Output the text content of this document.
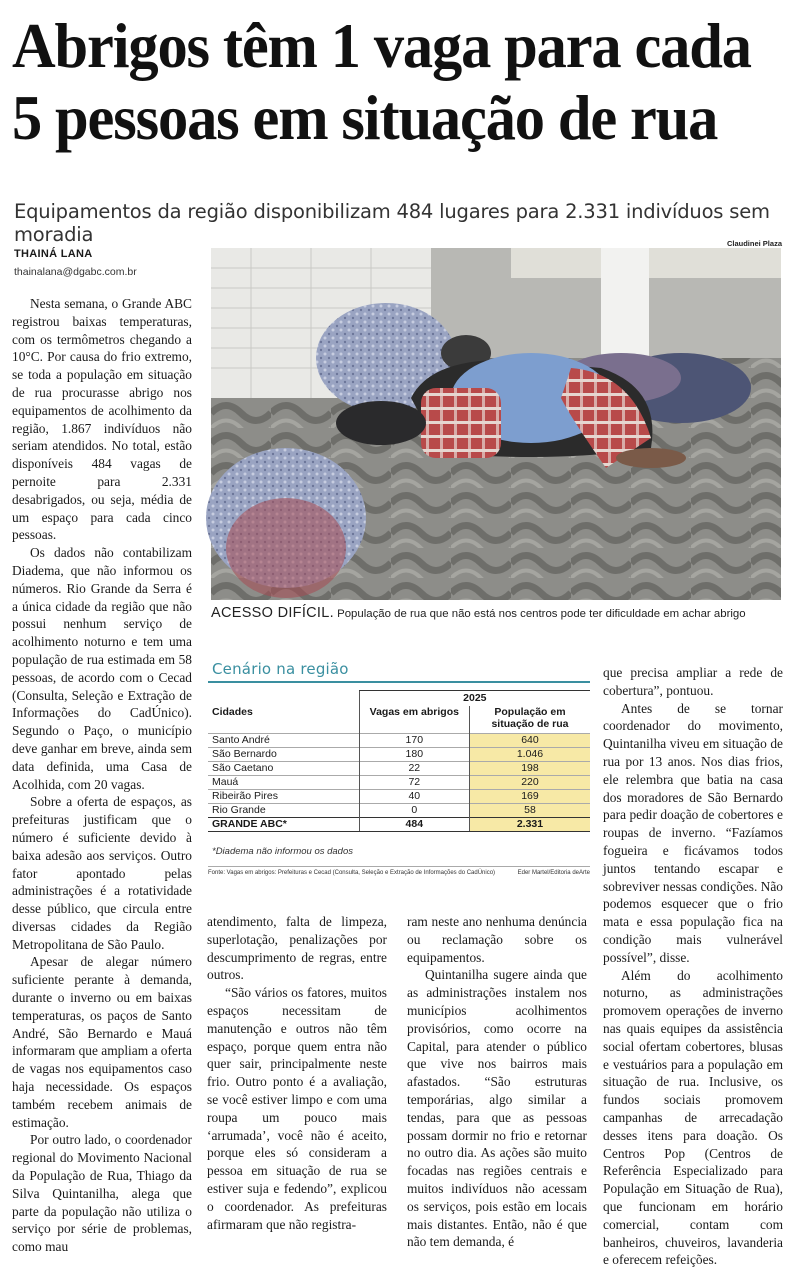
Abrigos têm 1 vaga para cada
5 pessoas em situação de rua
Equipamentos da região disponibilizam 484 lugares para 2.331 indivíduos sem moradia
THAINÁ LANA
thainalana@dgabc.com.br
Claudinei Plaza
ACESSO DIFÍCIL. População de rua que não está nos centros pode ter dificuldade em achar abrigo

Nesta semana, o Grande ABC registrou baixas temperaturas, com os termômetros chegando a 10°C. Por causa do frio extremo, se toda a população em situação de rua procurasse abrigo nos equipamentos de acolhimento da região, 1.867 indivíduos não seriam atendidos. No total, estão disponíveis 484 vagas de pernoite para 2.331 desabrigados, ou seja, média de um espaço para cada cinco pessoas.

Os dados não contabilizam Diadema, que não informou os números. Rio Grande da Serra é a única cidade da região que não possui nenhum serviço de acolhimento noturno e tem uma população de rua estimada em 58 pessoas, de acordo com o Cecad (Consulta, Seleção e Extração de Informações do CadÚnico). Segundo o Paço, o município deve ganhar em breve, ainda sem data definida, uma Casa de Acolhida, com 20 vagas.

Sobre a oferta de espaços, as prefeituras justificam que o número é suficiente devido à baixa adesão aos serviços. Outro fator apontado pelas administrações é a rotatividade desse público, que circula entre diversas cidades da Região Metropolitana de São Paulo.

Apesar de alegar número suficiente perante à demanda, durante o inverno ou em baixas temperaturas, os paços de Santo André, São Bernardo e Mauá informaram que ampliam a oferta de vagas nos equipamentos caso haja necessidade. Os espaços também recebem animais de estimação.

Por outro lado, o coordenador regional do Movimento Nacional da População de Rua, Thiago da Silva Quintanilha, alega que parte da população não utiliza o serviço por série de problemas, como mau

Cenário na região
	2025	
Cidades	Vagas em abrigos	População em situação de rua
Santo André	170	640
São Bernardo	180	1.046
São Caetano	22	198
Mauá	72	220
Ribeirão Pires	40	169
Rio Grande	0	58
GRANDE ABC*	484	2.331
*Diadema não informou os dados
Fonte: Vagas em abrigos: Prefeituras e Cecad (Consulta, Seleção e Extração de Informações do CadÚnico)	Eder Martel/Editoria deArte

atendimento, falta de limpeza, superlotação, penalizações por descumprimento de regras, entre outros.

“São vários os fatores, muitos espaços necessitam de manutenção e outros não têm espaço, porque quem entra não quer sair, principalmente neste frio. Outro ponto é a avaliação, se você estiver limpo e com uma roupa um pouco mais ‘arrumada’, você não é aceito, porque eles só consideram a pessoa em situação de rua se estiver suja e fedendo”, explicou o coordenador. As prefeituras afirmaram que não registra-

ram neste ano nenhuma denúncia ou reclamação sobre os equipamentos.

Quintanilha sugere ainda que as administrações instalem nos municípios acolhimentos provisórios, como ocorre na Capital, para atender o público que vive nos bairros mais afastados. “São estruturas temporárias, algo similar a tendas, para que as pessoas possam dormir no frio e retornar no outro dia. As ações são muito focadas nas regiões centrais e muitos indivíduos não acessam os serviços, pois estão em locais mais distantes. Então, não é que não tem demanda, é

que precisa ampliar a rede de cobertura”, pontuou.

Antes de se tornar coordenador do movimento, Quintanilha viveu em situação de rua por 13 anos. Nos dias frios, ele relembra que batia na casa dos moradores de São Bernardo para pedir doação de cobertores e roupas de inverno. “Fazíamos fogueira e ficávamos todos juntos tentando escapar e sobreviver nessas condições. Não podemos esquecer que o frio mata e essa população fica na condição mais vulnerável possível”, disse.

Além do acolhimento noturno, as administrações promovem operações de inverno nas quais equipes da assistência social ofertam cobertores, blusas e vestuários para a população em situação de rua. Inclusive, os fundos sociais promovem campanhas de arrecadação desses itens para doação. Os Centros Pop (Centros de Referência Especializado para População em Situação de Rua), que funcionam em horário comercial, contam com banheiros, chuveiros, lavanderia e oferecem refeições.
